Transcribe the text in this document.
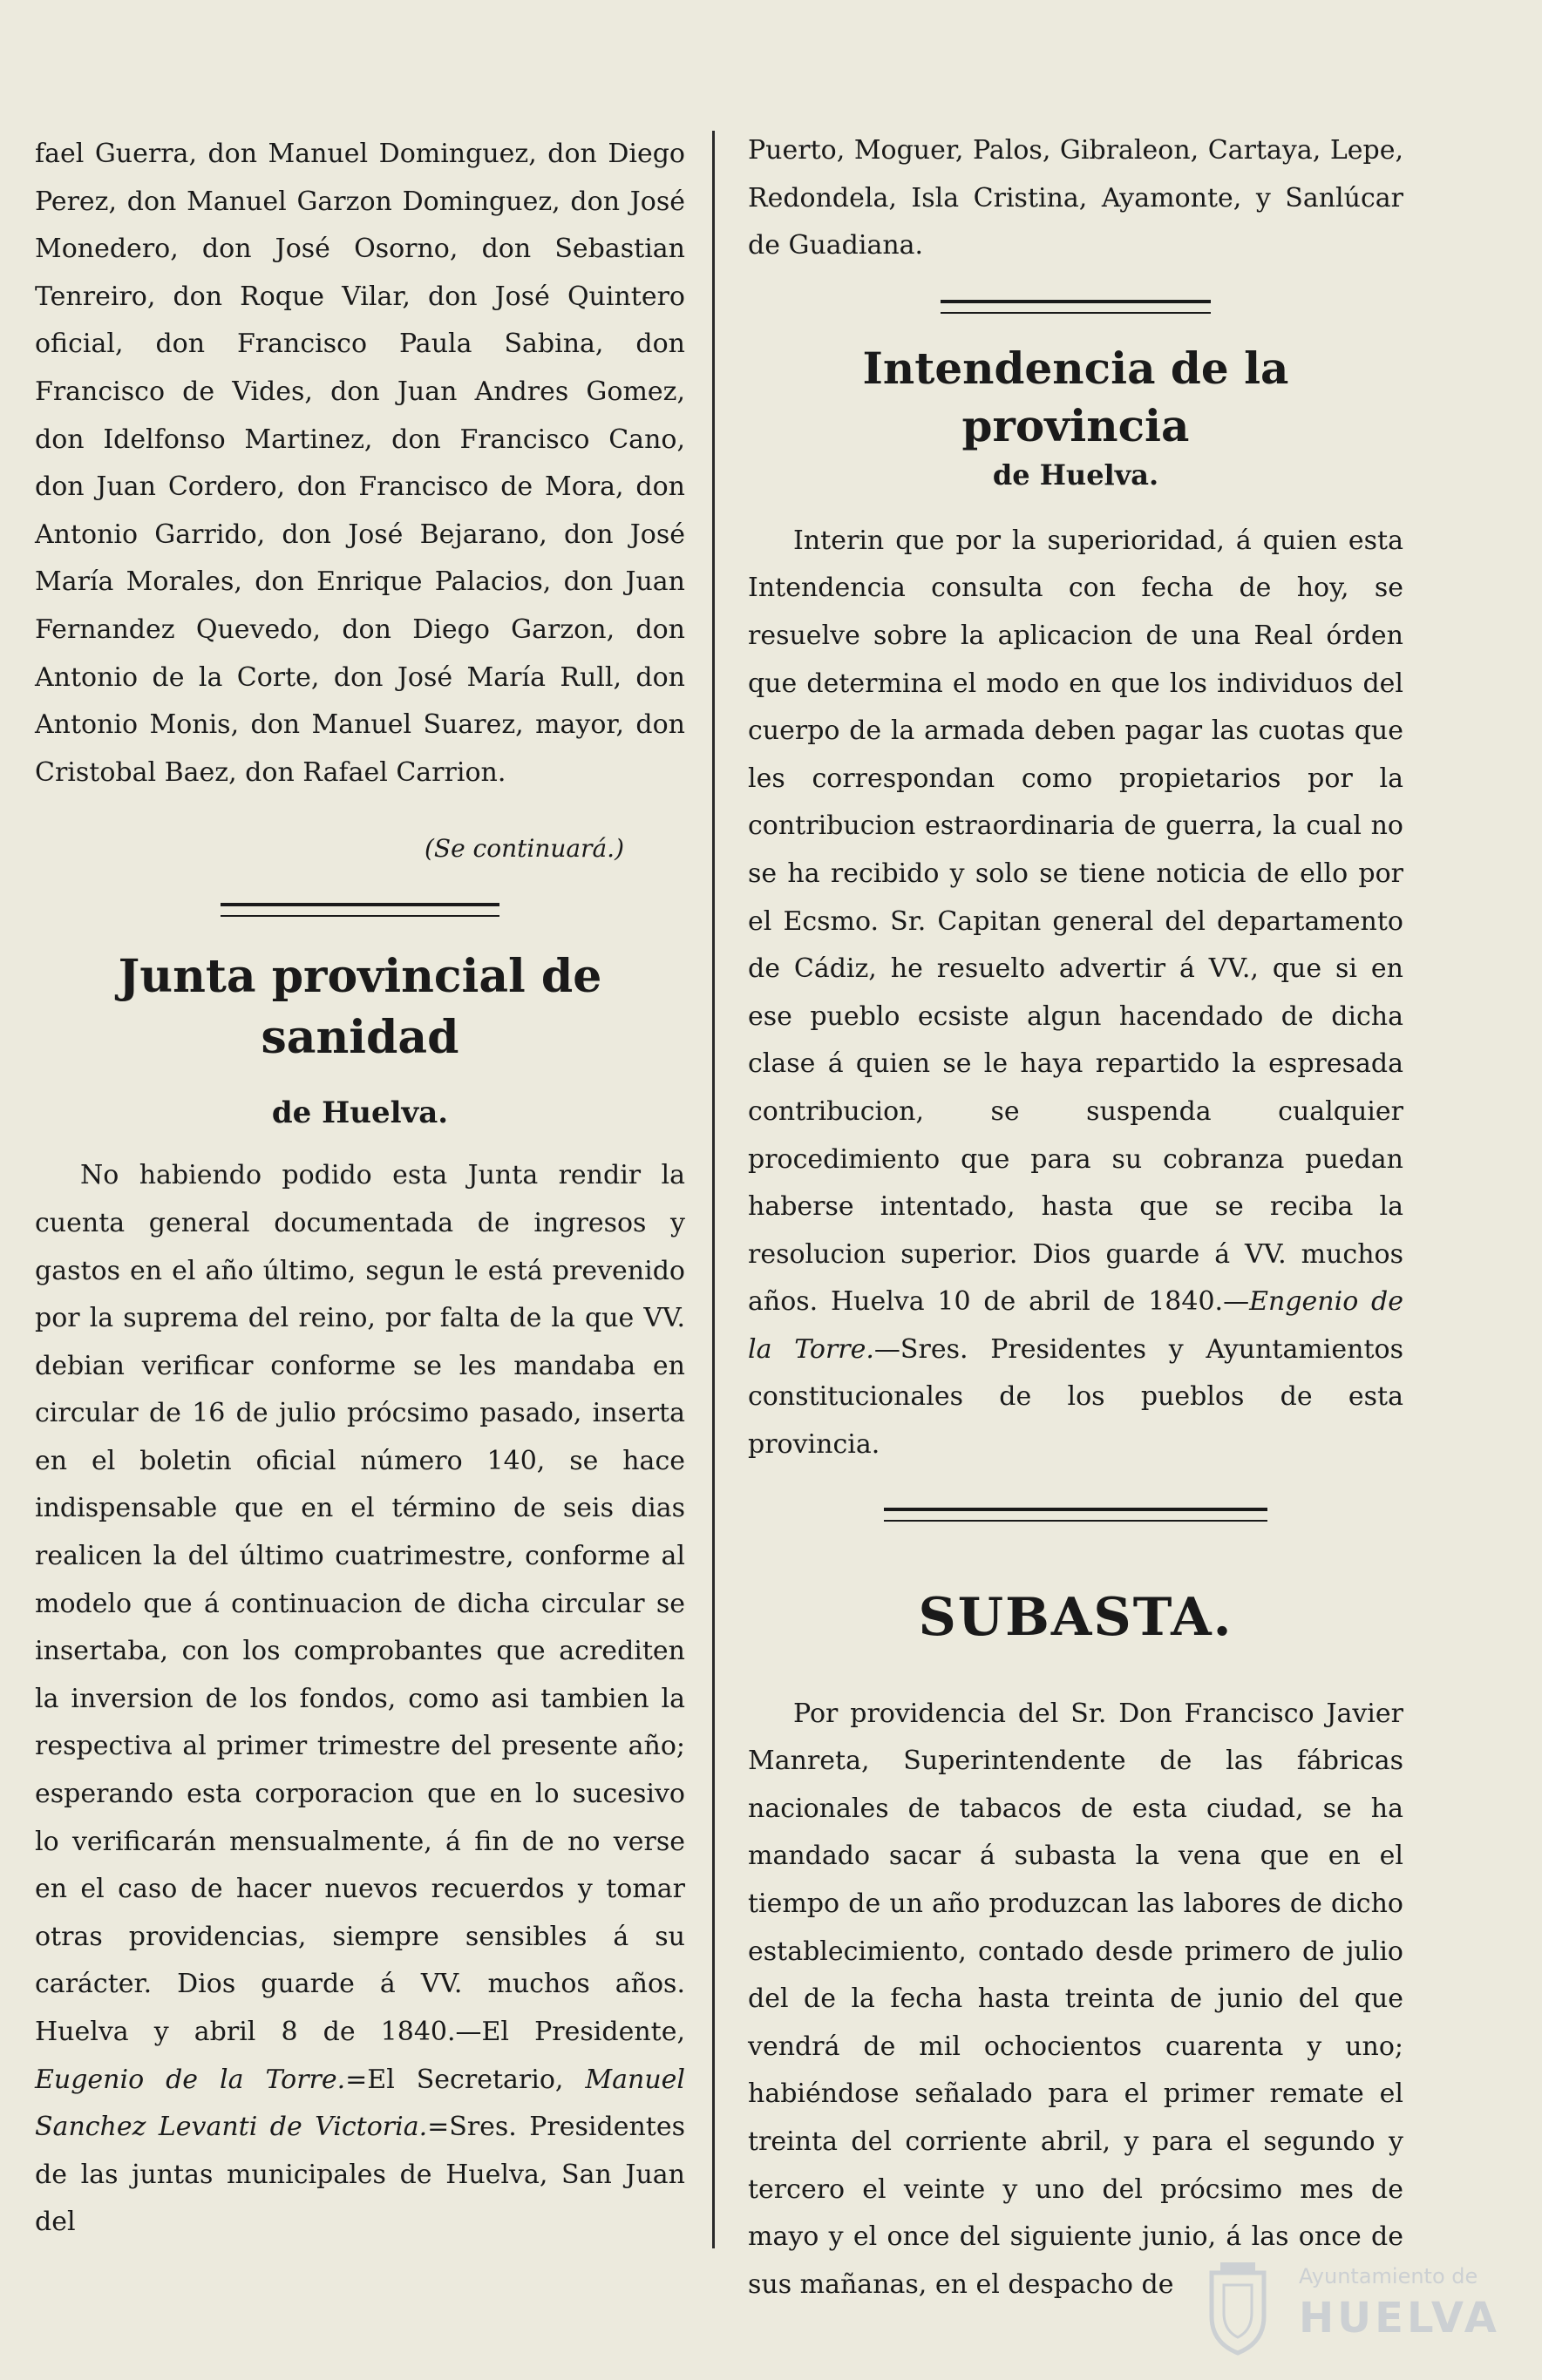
fael Guerra, don Manuel Dominguez, don Diego Perez, don Manuel Garzon Dominguez, don José Monedero, don José Osorno, don Sebastian Tenreiro, don Roque Vilar, don José Quintero oficial, don Francisco Paula Sabina, don Francisco de Vides, don Juan Andres Gomez, don Idelfonso Martinez, don Francisco Cano, don Juan Cordero, don Francisco de Mora, don Antonio Garrido, don José Bejarano, don José María Morales, don Enrique Palacios, don Juan Fernandez Quevedo, don Diego Garzon, don Antonio de la Corte, don José María Rull, don Antonio Monis, don Manuel Suarez, mayor, don Cristobal Baez, don Rafael Carrion.

(Se continuará.)
Junta provincial de sanidad
de Huelva.

No habiendo podido esta Junta rendir la cuenta general documentada de ingresos y gastos en el año último, segun le está prevenido por la suprema del reino, por falta de la que VV. debian verificar conforme se les mandaba en circular de 16 de julio prócsimo pasado, inserta en el boletin oficial número 140, se hace indispensable que en el término de seis dias realicen la del último cuatrimestre, conforme al modelo que á continuacion de dicha circular se insertaba, con los comprobantes que acrediten la inversion de los fondos, como asi tambien la respectiva al primer trimestre del presente año; esperando esta corporacion que en lo sucesivo lo verificarán mensualmente, á fin de no verse en el caso de hacer nuevos recuerdos y tomar otras providencias, siempre sensibles á su carácter. Dios guarde á VV. muchos años. Huelva y abril 8 de 1840.—El Presidente, Eugenio de la Torre.=El Secretario, Manuel Sanchez Levanti de Victoria.=Sres. Presidentes de las juntas municipales de Huelva, San Juan del

Puerto, Moguer, Palos, Gibraleon, Cartaya, Lepe, Redondela, Isla Cristina, Ayamonte, y Sanlúcar de Guadiana.

Intendencia de la provincia
de Huelva.

Interin que por la superioridad, á quien esta Intendencia consulta con fecha de hoy, se resuelve sobre la aplicacion de una Real órden que determina el modo en que los individuos del cuerpo de la armada deben pagar las cuotas que les correspondan como propietarios por la contribucion estraordinaria de guerra, la cual no se ha recibido y solo se tiene noticia de ello por el Ecsmo. Sr. Capitan general del departamento de Cádiz, he resuelto advertir á VV., que si en ese pueblo ecsiste algun hacendado de dicha clase á quien se le haya repartido la espresada contribucion, se suspenda cualquier procedimiento que para su cobranza puedan haberse intentado, hasta que se reciba la resolucion superior. Dios guarde á VV. muchos años. Huelva 10 de abril de 1840.—Engenio de la Torre.—Sres. Presidentes y Ayuntamientos constitucionales de los pueblos de esta provincia.

SUBASTA.

Por providencia del Sr. Don Francisco Javier Manreta, Superintendente de las fábricas nacionales de tabacos de esta ciudad, se ha mandado sacar á subasta la vena que en el tiempo de un año produzcan las labores de dicho establecimiento, contado desde primero de julio del de la fecha hasta treinta de junio del que vendrá de mil ochocientos cuarenta y uno; habiéndose señalado para el primer remate el treinta del corriente abril, y para el segundo y tercero el veinte y uno del prócsimo mes de mayo y el once del siguiente junio, á las once de sus mañanas, en el despacho de	Ayuntamiento de
HUELVA
